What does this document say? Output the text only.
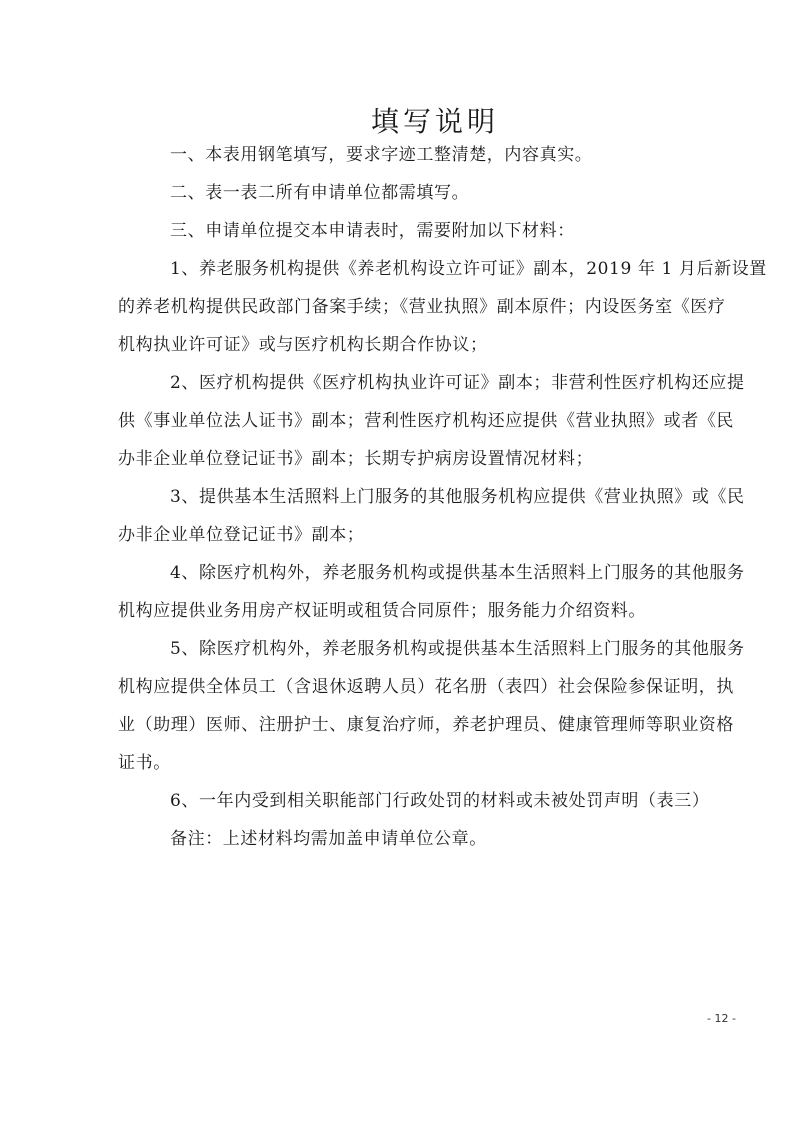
填写说明

一、本表用钢笔填写，要求字迹工整清楚，内容真实。

二、表一表二所有申请单位都需填写。

三、申请单位提交本申请表时，需要附加以下材料：

1、养老服务机构提供《养老机构设立许可证》副本，2019 年 1 月后新设置

的养老机构提供民政部门备案手续；《营业执照》副本原件；内设医务室《医疗

机构执业许可证》或与医疗机构长期合作协议；

2、医疗机构提供《医疗机构执业许可证》副本；非营利性医疗机构还应提

供《事业单位法人证书》副本；营利性医疗机构还应提供《营业执照》或者《民

办非企业单位登记证书》副本；长期专护病房设置情况材料；

3、提供基本生活照料上门服务的其他服务机构应提供《营业执照》或《民

办非企业单位登记证书》副本；

4、除医疗机构外，养老服务机构或提供基本生活照料上门服务的其他服务

机构应提供业务用房产权证明或租赁合同原件；服务能力介绍资料。

5、除医疗机构外，养老服务机构或提供基本生活照料上门服务的其他服务

机构应提供全体员工（含退休返聘人员）花名册（表四）社会保险参保证明，执

业（助理）医师、注册护士、康复治疗师，养老护理员、健康管理师等职业资格

证书。

6、一年内受到相关职能部门行政处罚的材料或未被处罚声明（表三）

备注：上述材料均需加盖申请单位公章。

- 12 -
